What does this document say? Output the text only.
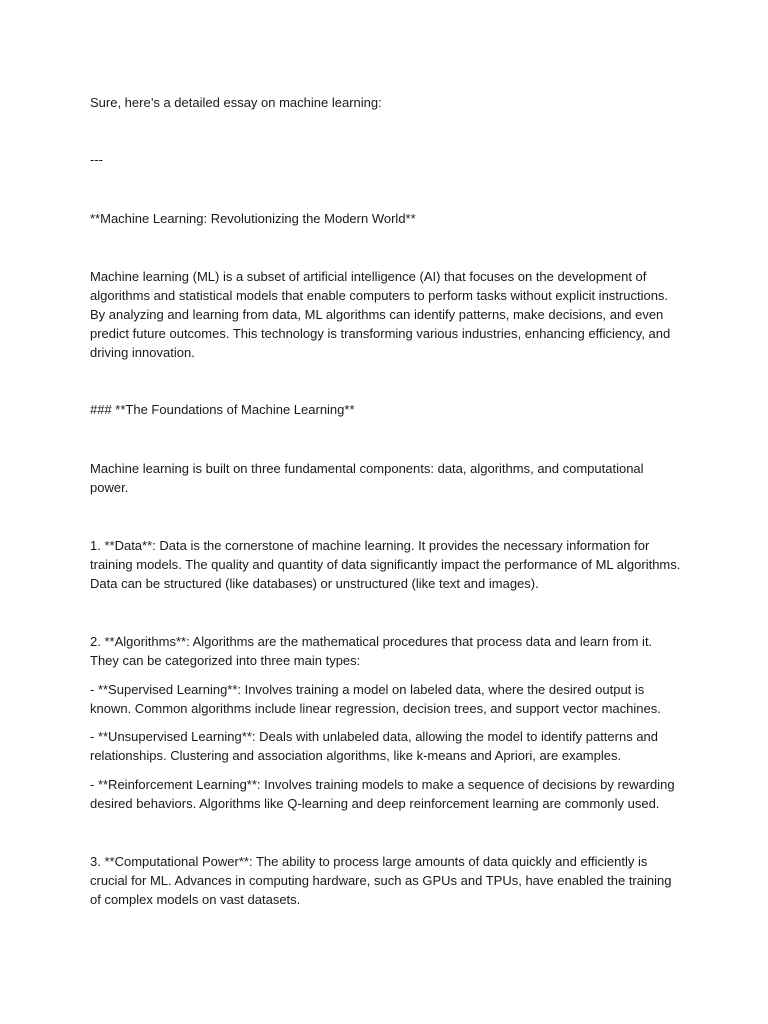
Sure, here’s a detailed essay on machine learning:

---

**Machine Learning: Revolutionizing the Modern World**

Machine learning (ML) is a subset of artificial intelligence (AI) that focuses on the development of algorithms and statistical models that enable computers to perform tasks without explicit instructions. By analyzing and learning from data, ML algorithms can identify patterns, make decisions, and even predict future outcomes. This technology is transforming various industries, enhancing efficiency, and driving innovation.

### **The Foundations of Machine Learning**

Machine learning is built on three fundamental components: data, algorithms, and computational power.

1. **Data**: Data is the cornerstone of machine learning. It provides the necessary information for training models. The quality and quantity of data significantly impact the performance of ML algorithms. Data can be structured (like databases) or unstructured (like text and images).

2. **Algorithms**: Algorithms are the mathematical procedures that process data and learn from it. They can be categorized into three main types:

- **Supervised Learning**: Involves training a model on labeled data, where the desired output is known. Common algorithms include linear regression, decision trees, and support vector machines.

- **Unsupervised Learning**: Deals with unlabeled data, allowing the model to identify patterns and relationships. Clustering and association algorithms, like k-means and Apriori, are examples.

- **Reinforcement Learning**: Involves training models to make a sequence of decisions by rewarding desired behaviors. Algorithms like Q-learning and deep reinforcement learning are commonly used.

3. **Computational Power**: The ability to process large amounts of data quickly and efficiently is crucial for ML. Advances in computing hardware, such as GPUs and TPUs, have enabled the training of complex models on vast datasets.
